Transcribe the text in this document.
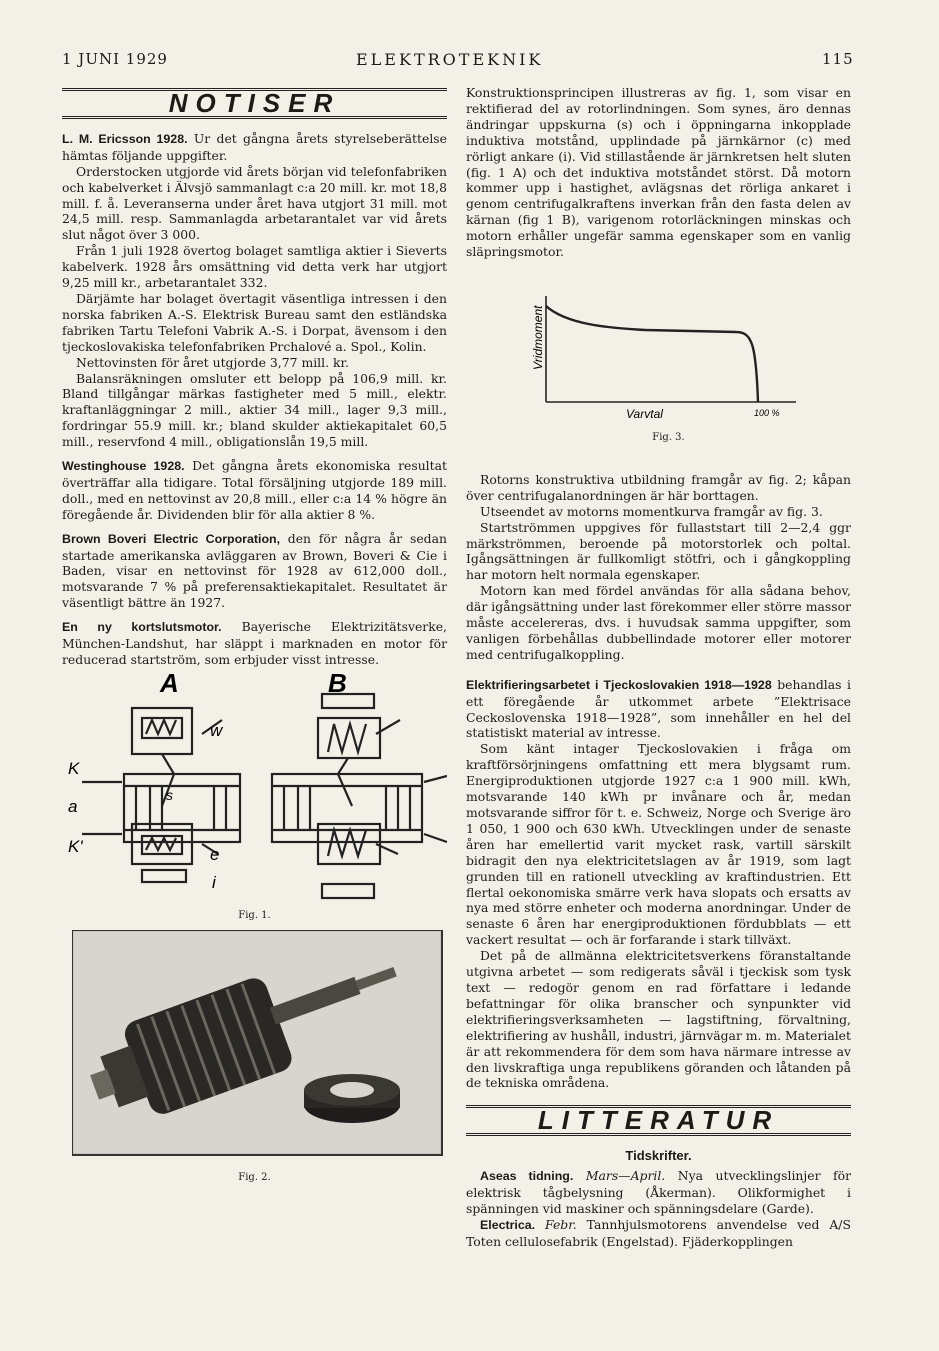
1 JUNI 1929	ELEKTROTEKNIK	115
NOTISER

L. M. Ericsson 1928. Ur det gångna årets styrelseberättelse hämtas följande uppgifter.

Orderstocken utgjorde vid årets början vid telefonfabriken och kabelverket i Älvsjö sammanlagt c:a 20 mill. kr. mot 18,8 mill. f. å. Leveranserna under året hava utgjort 31 mill. mot 24,5 mill. resp. Sammanlagda arbetarantalet var vid årets slut något över 3 000.

Från 1 juli 1928 övertog bolaget samtliga aktier i Sieverts kabelverk. 1928 års omsättning vid detta verk har utgjort 9,25 mill kr., arbetarantalet 332.

Därjämte har bolaget övertagit väsentliga intressen i den norska fabriken A.-S. Elektrisk Bureau samt den estländska fabriken Tartu Telefoni Vabrik A.-S. i Dorpat, ävensom i den tjeckoslovakiska telefonfabriken Prchalové a. Spol., Kolin.

Nettovinsten för året utgjorde 3,77 mill. kr.

Balansräkningen omsluter ett belopp på 106,9 mill. kr. Bland tillgångar märkas fastigheter med 5 mill., elektr. kraftanläggningar 2 mill., aktier 34 mill., lager 9,3 mill., fordringar 55.9 mill. kr.; bland skulder aktiekapitalet 60,5 mill., reservfond 4 mill., obligationslån 19,5 mill.

Westinghouse 1928. Det gångna årets ekonomiska resultat överträffar alla tidigare. Total försäljning utgjorde 189 mill. doll., med en nettovinst av 20,8 mill., eller c:a 14 % högre än föregående år. Dividenden blir för alla aktier 8 %.

Brown Boveri Electric Corporation, den för några år sedan startade amerikanska avläggaren av Brown, Boveri & Cie i Baden, visar en nettovinst för 1928 av 612,000 doll., motsvarande 7 % på preferensaktiekapitalet. Resultatet är väsentligt bättre än 1927.

En ny kortslutsmotor. Bayerische Elektrizitätsverke, München-Landshut, har släppt i marknaden en motor för reducerad startström, som erbjuder visst intresse.

A	B
K
a
K'
w
s
e
i
Fig. 1.
Fig. 2.

Konstruktionsprincipen illustreras av fig. 1, som visar en rektifierad del av rotorlindningen. Som synes, äro dennas ändringar uppskurna (s) och i öppningarna inkopplade induktiva motstånd, upplindade på järnkärnor (c) med rörligt ankare (i). Vid stillastående är järnkretsen helt sluten (fig. 1 A) och det induktiva motståndet störst. Då motorn kommer upp i hastighet, avlägsnas det rörliga ankaret i genom centrifugalkraftens inverkan från den fasta delen av kärnan (fig 1 B), varigenom rotorläckningen minskas och motorn erhåller ungefär samma egenskaper som en vanlig släpringsmotor.

Vridmoment
Varvtal	100 %
Fig. 3.

Rotorns konstruktiva utbildning framgår av fig. 2; kåpan över centrifugalanordningen är här borttagen.

Utseendet av motorns momentkurva framgår av fig. 3.

Startströmmen uppgives för fullaststart till 2—2,4 ggr märkströmmen, beroende på motorstorlek och poltal. Igångsättningen är fullkomligt stötfri, och i gångkoppling har motorn helt normala egenskaper.

Motorn kan med fördel användas för alla sådana behov, där igångsättning under last förekommer eller större massor måste accelereras, dvs. i huvudsak samma uppgifter, som vanligen förbehållas dubbellindade motorer eller motorer med centrifugalkoppling.

Elektrifieringsarbetet i Tjeckoslovakien 1918—1928 behandlas i ett föregående år utkommet arbete ”Elektrisace Ceckoslovenska 1918—1928”, som innehåller en hel del statistiskt material av intresse.

Som känt intager Tjeckoslovakien i fråga om kraftförsörjningens omfattning ett mera blygsamt rum. Energiproduktionen utgjorde 1927 c:a 1 900 mill. kWh, motsvarande 140 kWh pr invånare och år, medan motsvarande siffror för t. e. Schweiz, Norge och Sverige äro 1 050, 1 900 och 630 kWh. Utvecklingen under de senaste åren har emellertid varit mycket rask, vartill särskilt bidragit den nya elektricitetslagen av år 1919, som lagt grunden till en rationell utveckling av kraftindustrien. Ett flertal oekonomiska smärre verk hava slopats och ersatts av nya med större enheter och moderna anordningar. Under de senaste 6 åren har energiproduktionen fördubblats — ett vackert resultat — och är forfarande i stark tillväxt.

Det på de allmänna elektricitetsverkens föranstaltande utgivna arbetet — som redigerats såväl i tjeckisk som tysk text — redogör genom en rad författare i ledande befattningar för olika branscher och synpunkter vid elektrifieringsverksamheten — lagstiftning, förvaltning, elektrifiering av hushåll, industri, järnvägar m. m. Materialet är att rekommendera för dem som hava närmare intresse av den livskraftiga unga republikens göranden och låtanden på de tekniska områdena.

LITTERATUR
Tidskrifter.

Aseas tidning. Mars—April. Nya utvecklingslinjer för elektrisk tågbelysning (Åkerman). Olikformighet i spänningen vid maskiner och spänningsdelare (Garde).

Electrica. Febr. Tannhjulsmotorens anvendelse ved A/S Toten cellulosefabrik (Engelstad). Fjäderkopplingen
